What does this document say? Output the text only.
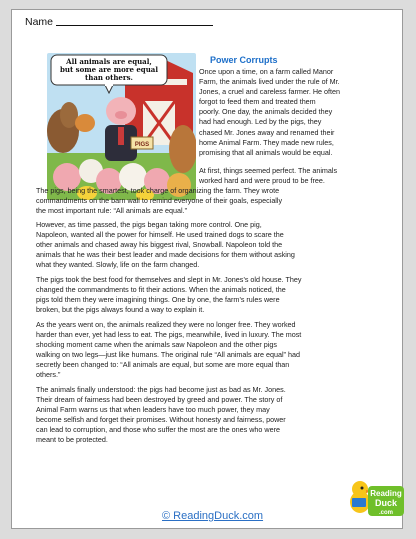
Name
PIGS
All animals are equal,
but some are more equal
than others.
Power Corrupts

Once upon a time, on a farm called Manor
Farm, the animals lived under the rule of Mr.
Jones, a cruel and careless farmer. He often
forgot to feed them and treated them
poorly. One day, the animals decided they
had had enough. Led by the pigs, they
chased Mr. Jones away and renamed their
home Animal Farm. They made new rules,
promising that all animals would be equal.

At first, things seemed perfect. The animals
worked hard and were proud to be free.

The pigs, being the smartest, took charge of organizing the farm. They wrote
commandments on the barn wall to remind everyone of their goals, especially
the most important rule: “All animals are equal.”

However, as time passed, the pigs began taking more control. One pig,
Napoleon, wanted all the power for himself. He used trained dogs to scare the
other animals and chased away his biggest rival, Snowball. Napoleon told the
animals that he was their best leader and made decisions for them without asking
what they wanted. Slowly, life on the farm changed.

The pigs took the best food for themselves and slept in Mr. Jones’s old house. They
changed the commandments to fit their actions. When the animals noticed, the
pigs told them they were imagining things. One by one, the farm’s rules were
broken, but the pigs always found a way to explain it.

As the years went on, the animals realized they were no longer free. They worked
harder than ever, yet had less to eat. The pigs, meanwhile, lived in luxury. The most
shocking moment came when the animals saw Napoleon and the other pigs
walking on two legs—just like humans. The original rule “All animals are equal” had
secretly been changed to: “All animals are equal, but some are more equal than
others.”

The animals finally understood: the pigs had become just as bad as Mr. Jones.
Their dream of fairness had been destroyed by greed and power. The story of
Animal Farm warns us that when leaders have too much power, they may
become selfish and forget their promises. Without honesty and fairness, power
can lead to corruption, and those who suffer the most are the ones who were
meant to be protected.

© ReadingDuck.com
Reading
Duck
.com
